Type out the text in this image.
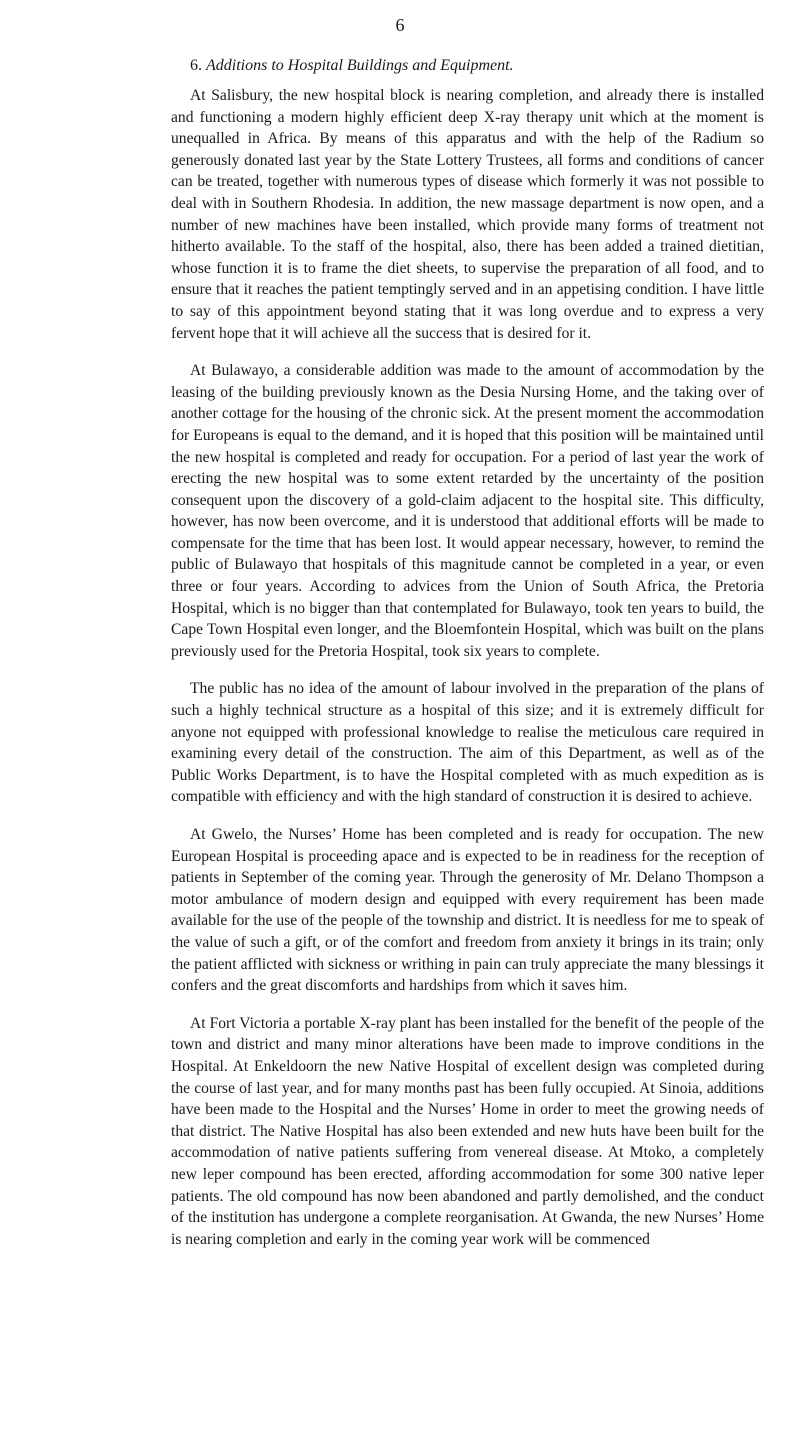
6
6. Additions to Hospital Buildings and Equipment.

At Salisbury, the new hospital block is nearing completion, and already there is installed and functioning a modern highly efficient deep X-ray therapy unit which at the moment is unequalled in Africa. By means of this apparatus and with the help of the Radium so generously donated last year by the State Lottery Trustees, all forms and conditions of cancer can be treated, together with numerous types of disease which formerly it was not possible to deal with in Southern Rhodesia. In addition, the new massage department is now open, and a number of new machines have been installed, which provide many forms of treatment not hitherto available. To the staff of the hospital, also, there has been added a trained dietitian, whose function it is to frame the diet sheets, to supervise the preparation of all food, and to ensure that it reaches the patient temptingly served and in an appetising condition. I have little to say of this appointment beyond stating that it was long overdue and to express a very fervent hope that it will achieve all the success that is desired for it.

At Bulawayo, a considerable addition was made to the amount of accommodation by the leasing of the building previously known as the Desia Nursing Home, and the taking over of another cottage for the housing of the chronic sick. At the present moment the accommodation for Europeans is equal to the demand, and it is hoped that this position will be maintained until the new hospital is completed and ready for occupation. For a period of last year the work of erecting the new hospital was to some extent retarded by the uncertainty of the position consequent upon the discovery of a gold-claim adjacent to the hospital site. This difficulty, however, has now been overcome, and it is understood that additional efforts will be made to compensate for the time that has been lost. It would appear necessary, however, to remind the public of Bulawayo that hospitals of this magnitude cannot be completed in a year, or even three or four years. According to advices from the Union of South Africa, the Pretoria Hospital, which is no bigger than that contemplated for Bulawayo, took ten years to build, the Cape Town Hospital even longer, and the Bloemfontein Hospital, which was built on the plans previously used for the Pretoria Hospital, took six years to complete.

The public has no idea of the amount of labour involved in the preparation of the plans of such a highly technical structure as a hospital of this size; and it is extremely difficult for anyone not equipped with professional knowledge to realise the meticulous care required in examining every detail of the construction. The aim of this Department, as well as of the Public Works Department, is to have the Hospital completed with as much expedition as is compatible with efficiency and with the high standard of construction it is desired to achieve.

At Gwelo, the Nurses’ Home has been completed and is ready for occupation. The new European Hospital is proceeding apace and is expected to be in readiness for the reception of patients in September of the coming year. Through the generosity of Mr. Delano Thompson a motor ambulance of modern design and equipped with every requirement has been made available for the use of the people of the township and district. It is needless for me to speak of the value of such a gift, or of the comfort and freedom from anxiety it brings in its train; only the patient afflicted with sickness or writhing in pain can truly appreciate the many blessings it confers and the great discomforts and hardships from which it saves him.

At Fort Victoria a portable X-ray plant has been installed for the benefit of the people of the town and district and many minor alterations have been made to improve conditions in the Hospital. At Enkeldoorn the new Native Hospital of excellent design was completed during the course of last year, and for many months past has been fully occupied. At Sinoia, additions have been made to the Hospital and the Nurses’ Home in order to meet the growing needs of that district. The Native Hospital has also been extended and new huts have been built for the accommodation of native patients suffering from venereal disease. At Mtoko, a completely new leper compound has been erected, affording accommodation for some 300 native leper patients. The old compound has now been abandoned and partly demolished, and the conduct of the institution has undergone a complete reorganisation. At Gwanda, the new Nurses’ Home is nearing completion and early in the coming year work will be commenced
